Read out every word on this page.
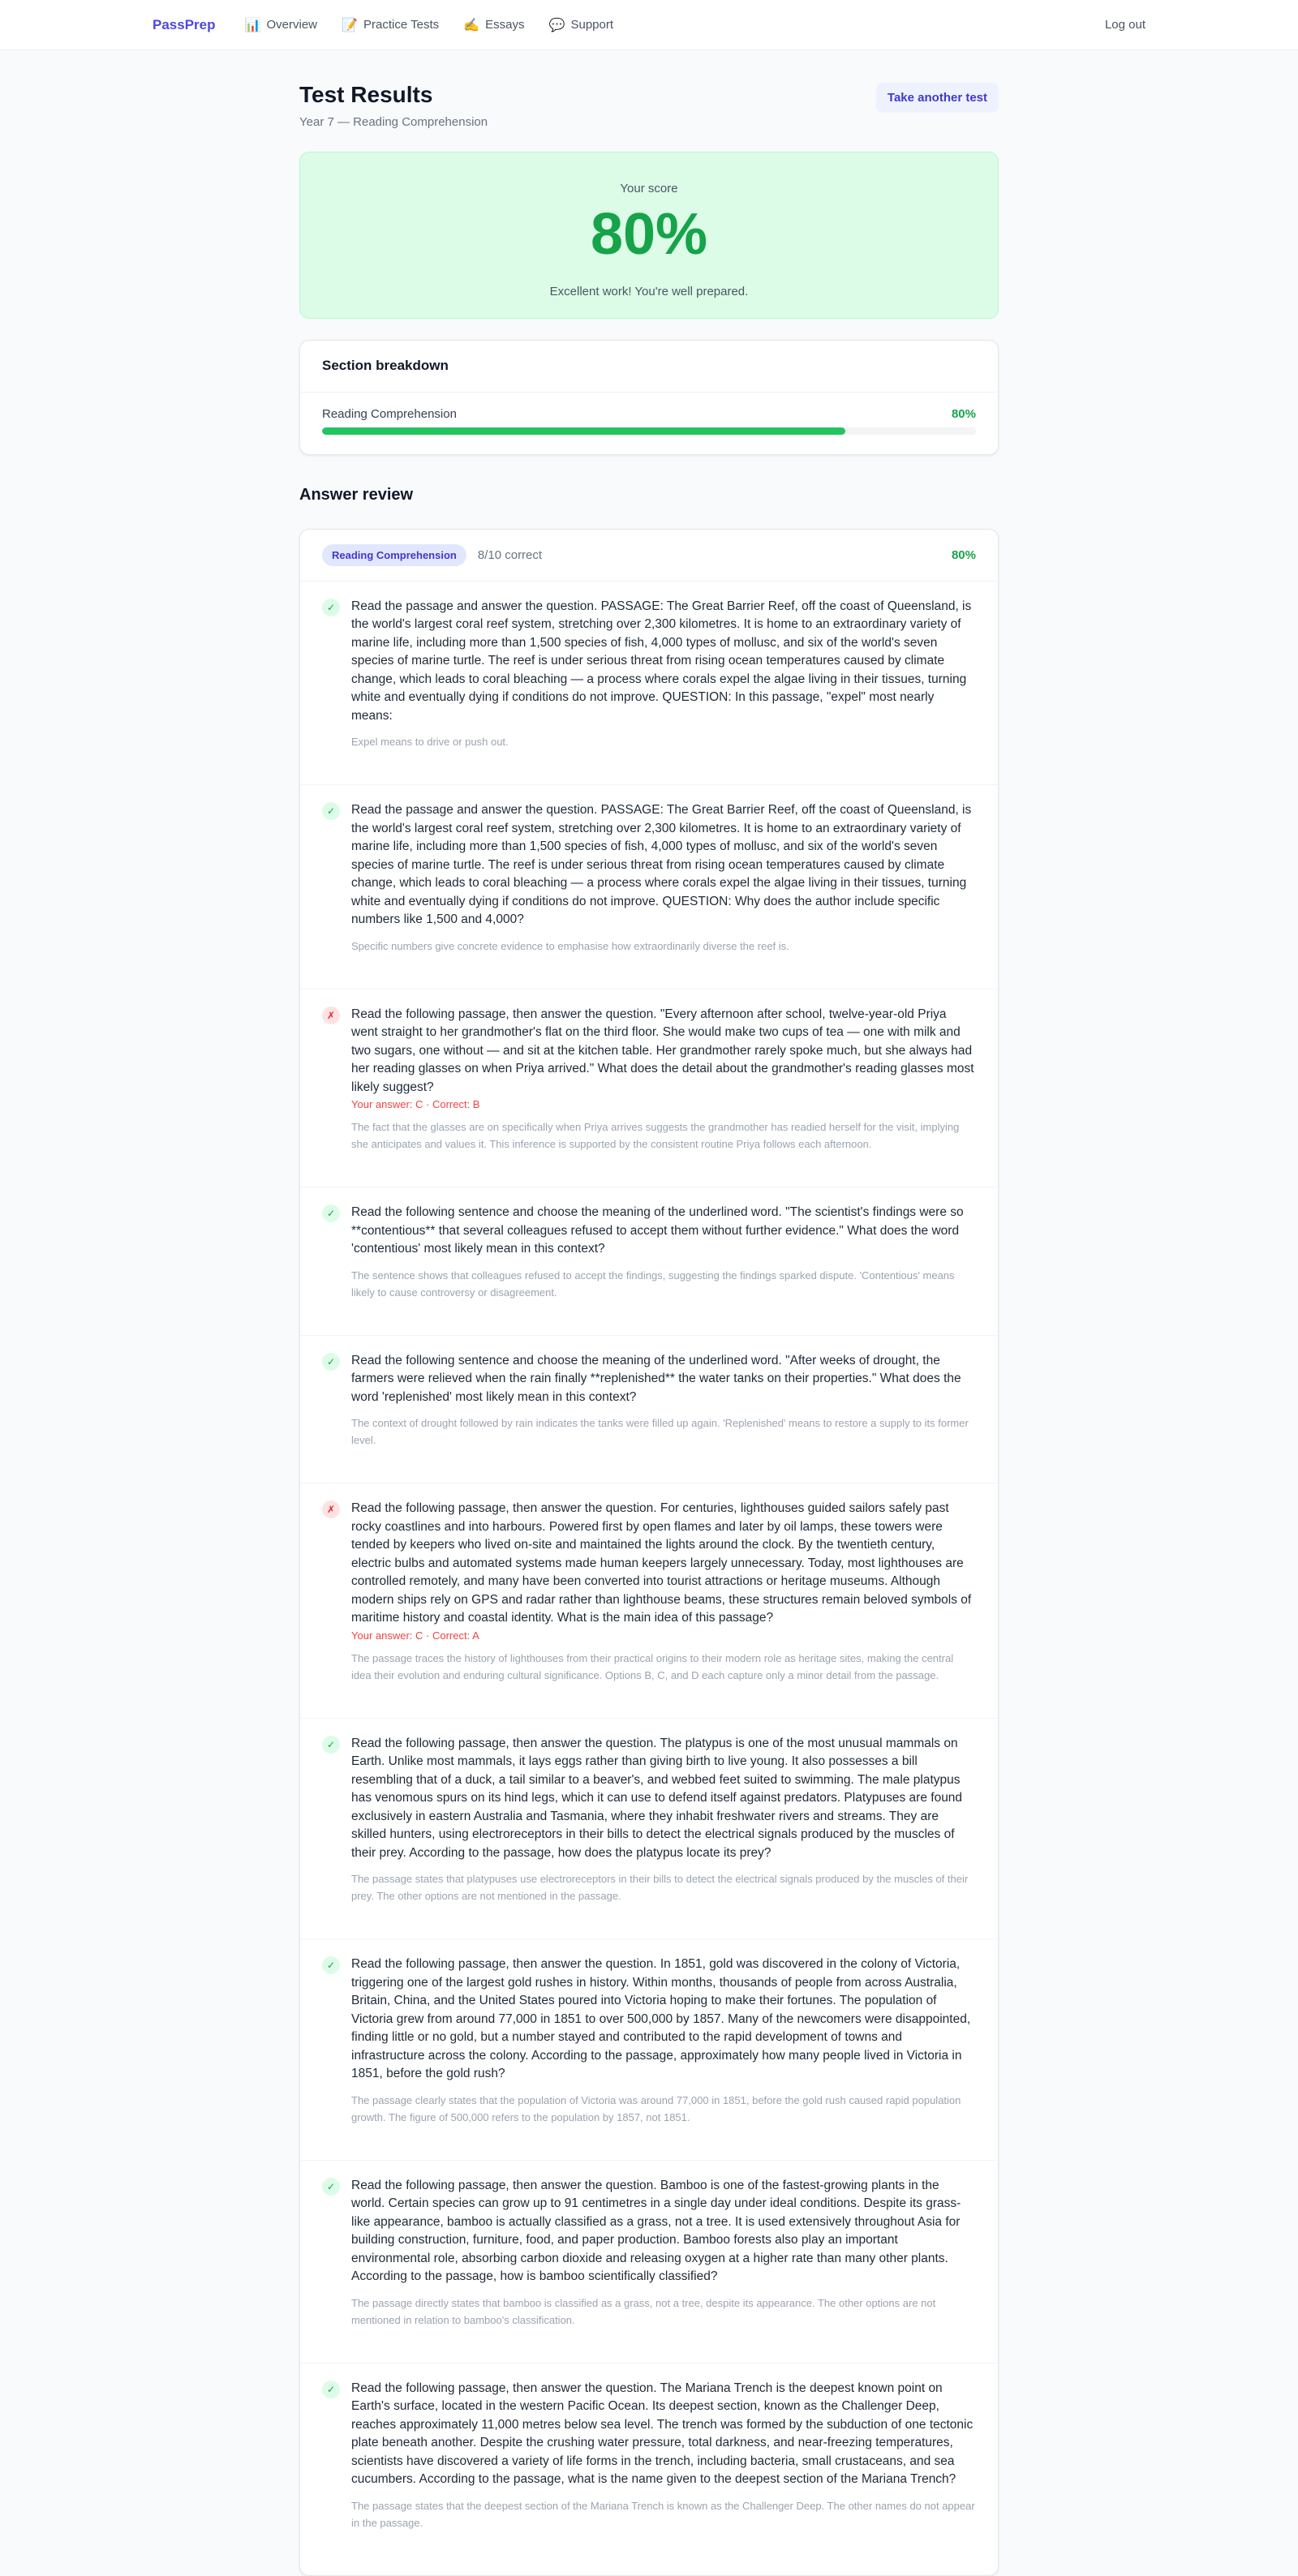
PassPrep 📊 Overview 📝 Practice Tests ✍️ Essays 💬 Support	Log out
Test Results
Year 7 — Reading Comprehension
Take another test
Your score
80%
Excellent work! You're well prepared.
Section breakdown
Reading Comprehension	80%
Answer review
Reading Comprehension	8/10 correct	80%
✓	Read the passage and answer the question. PASSAGE: The Great Barrier Reef, off the coast of Queensland, is the world's largest coral reef system, stretching over 2,300 kilometres. It is home to an extraordinary variety of marine life, including more than 1,500 species of fish, 4,000 types of mollusc, and six of the world's seven species of marine turtle. The reef is under serious threat from rising ocean temperatures caused by climate change, which leads to coral bleaching — a process where corals expel the algae living in their tissues, turning white and eventually dying if conditions do not improve. QUESTION: In this passage, "expel" most nearly means:
Expel means to drive or push out.
✓	Read the passage and answer the question. PASSAGE: The Great Barrier Reef, off the coast of Queensland, is the world's largest coral reef system, stretching over 2,300 kilometres. It is home to an extraordinary variety of marine life, including more than 1,500 species of fish, 4,000 types of mollusc, and six of the world's seven species of marine turtle. The reef is under serious threat from rising ocean temperatures caused by climate change, which leads to coral bleaching — a process where corals expel the algae living in their tissues, turning white and eventually dying if conditions do not improve. QUESTION: Why does the author include specific numbers like 1,500 and 4,000?
Specific numbers give concrete evidence to emphasise how extraordinarily diverse the reef is.
✗	Read the following passage, then answer the question. "Every afternoon after school, twelve-year-old Priya went straight to her grandmother's flat on the third floor. She would make two cups of tea — one with milk and two sugars, one without — and sit at the kitchen table. Her grandmother rarely spoke much, but she always had her reading glasses on when Priya arrived." What does the detail about the grandmother's reading glasses most likely suggest?
Your answer: C · Correct: B
The fact that the glasses are on specifically when Priya arrives suggests the grandmother has readied herself for the visit, implying she anticipates and values it. This inference is supported by the consistent routine Priya follows each afternoon.
✓	Read the following sentence and choose the meaning of the underlined word. "The scientist's findings were so **contentious** that several colleagues refused to accept them without further evidence." What does the word 'contentious' most likely mean in this context?
The sentence shows that colleagues refused to accept the findings, suggesting the findings sparked dispute. 'Contentious' means likely to cause controversy or disagreement.
✓	Read the following sentence and choose the meaning of the underlined word. "After weeks of drought, the farmers were relieved when the rain finally **replenished** the water tanks on their properties." What does the word 'replenished' most likely mean in this context?
The context of drought followed by rain indicates the tanks were filled up again. 'Replenished' means to restore a supply to its former level.
✗	Read the following passage, then answer the question. For centuries, lighthouses guided sailors safely past rocky coastlines and into harbours. Powered first by open flames and later by oil lamps, these towers were tended by keepers who lived on-site and maintained the lights around the clock. By the twentieth century, electric bulbs and automated systems made human keepers largely unnecessary. Today, most lighthouses are controlled remotely, and many have been converted into tourist attractions or heritage museums. Although modern ships rely on GPS and radar rather than lighthouse beams, these structures remain beloved symbols of maritime history and coastal identity. What is the main idea of this passage?
Your answer: C · Correct: A
The passage traces the history of lighthouses from their practical origins to their modern role as heritage sites, making the central idea their evolution and enduring cultural significance. Options B, C, and D each capture only a minor detail from the passage.
✓	Read the following passage, then answer the question. The platypus is one of the most unusual mammals on Earth. Unlike most mammals, it lays eggs rather than giving birth to live young. It also possesses a bill resembling that of a duck, a tail similar to a beaver's, and webbed feet suited to swimming. The male platypus has venomous spurs on its hind legs, which it can use to defend itself against predators. Platypuses are found exclusively in eastern Australia and Tasmania, where they inhabit freshwater rivers and streams. They are skilled hunters, using electroreceptors in their bills to detect the electrical signals produced by the muscles of their prey. According to the passage, how does the platypus locate its prey?
The passage states that platypuses use electroreceptors in their bills to detect the electrical signals produced by the muscles of their prey. The other options are not mentioned in the passage.
✓	Read the following passage, then answer the question. In 1851, gold was discovered in the colony of Victoria, triggering one of the largest gold rushes in history. Within months, thousands of people from across Australia, Britain, China, and the United States poured into Victoria hoping to make their fortunes. The population of Victoria grew from around 77,000 in 1851 to over 500,000 by 1857. Many of the newcomers were disappointed, finding little or no gold, but a number stayed and contributed to the rapid development of towns and infrastructure across the colony. According to the passage, approximately how many people lived in Victoria in 1851, before the gold rush?
The passage clearly states that the population of Victoria was around 77,000 in 1851, before the gold rush caused rapid population growth. The figure of 500,000 refers to the population by 1857, not 1851.
✓	Read the following passage, then answer the question. Bamboo is one of the fastest-growing plants in the world. Certain species can grow up to 91 centimetres in a single day under ideal conditions. Despite its grass-like appearance, bamboo is actually classified as a grass, not a tree. It is used extensively throughout Asia for building construction, furniture, food, and paper production. Bamboo forests also play an important environmental role, absorbing carbon dioxide and releasing oxygen at a higher rate than many other plants. According to the passage, how is bamboo scientifically classified?
The passage directly states that bamboo is classified as a grass, not a tree, despite its appearance. The other options are not mentioned in relation to bamboo's classification.
✓	Read the following passage, then answer the question. The Mariana Trench is the deepest known point on Earth's surface, located in the western Pacific Ocean. Its deepest section, known as the Challenger Deep, reaches approximately 11,000 metres below sea level. The trench was formed by the subduction of one tectonic plate beneath another. Despite the crushing water pressure, total darkness, and near-freezing temperatures, scientists have discovered a variety of life forms in the trench, including bacteria, small crustaceans, and sea cucumbers. According to the passage, what is the name given to the deepest section of the Mariana Trench?
The passage states that the deepest section of the Mariana Trench is known as the Challenger Deep. The other names do not appear in the passage.
